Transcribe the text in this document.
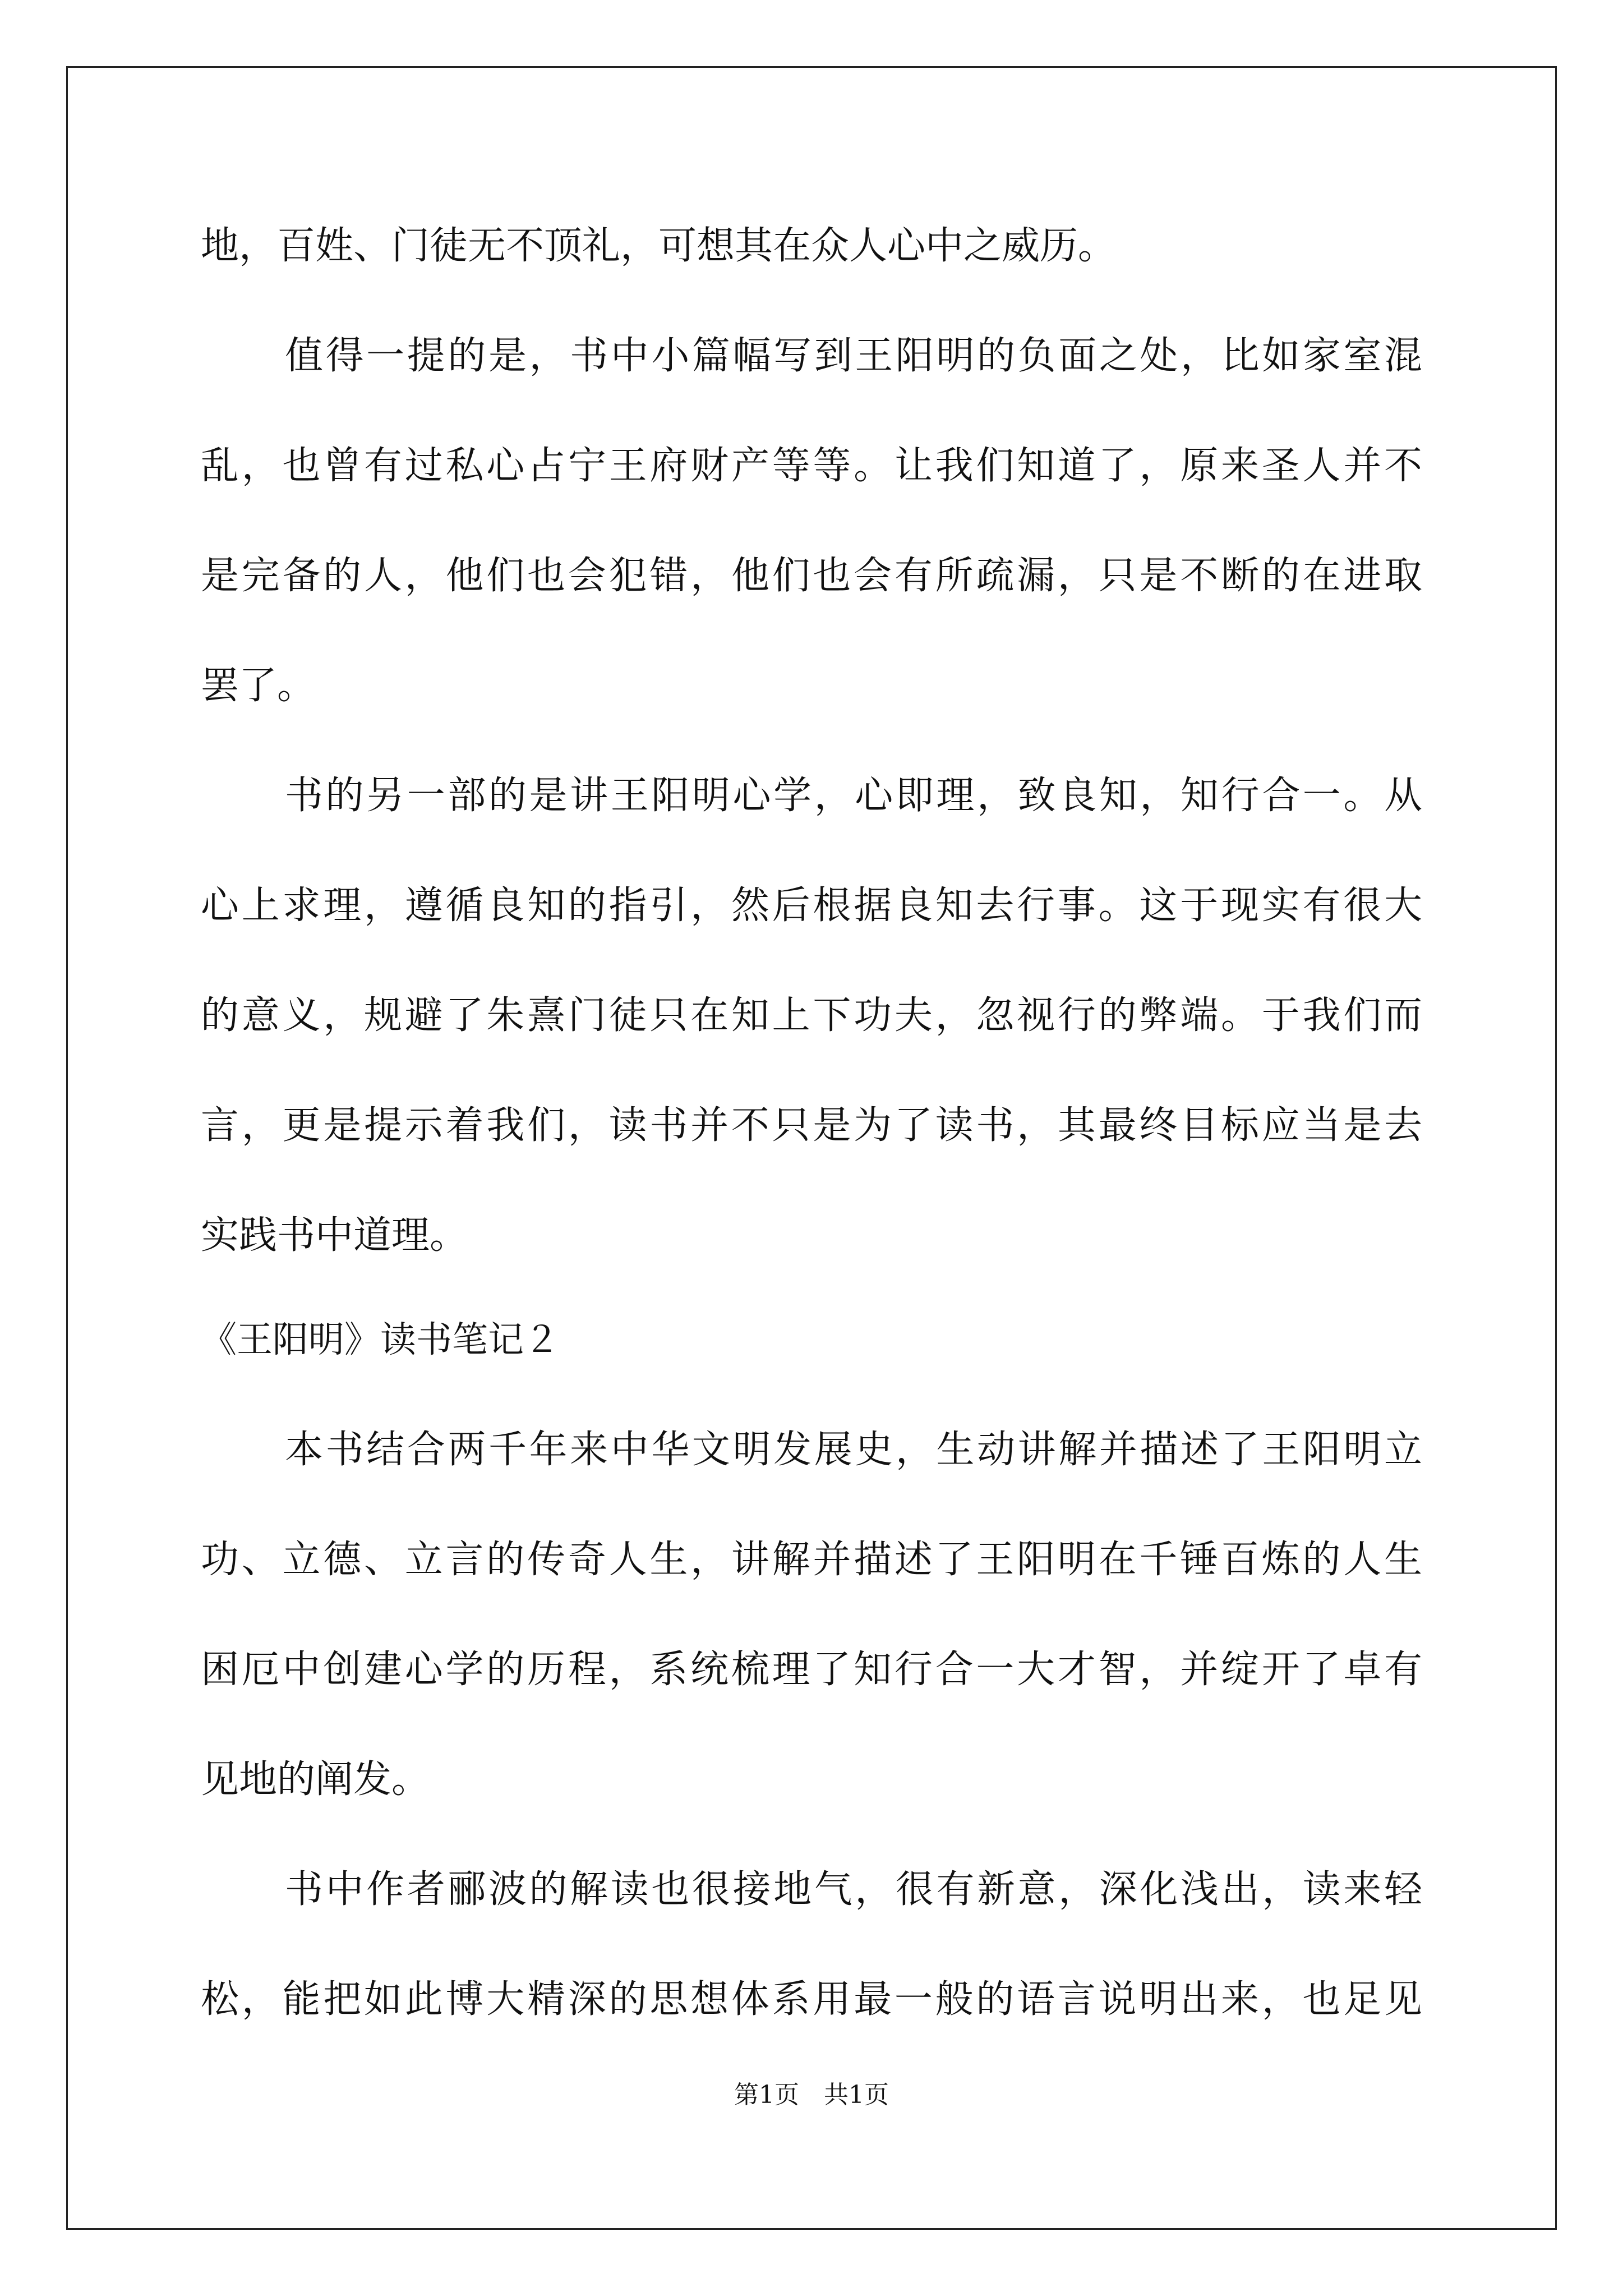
地，百姓、门徒无不顶礼，可想其在众人心中之威历。
值得一提的是，书中小篇幅写到王阳明的负面之处，比如家室混
乱，也曾有过私心占宁王府财产等等。让我们知道了，原来圣人并不
是完备的人，他们也会犯错，他们也会有所疏漏，只是不断的在进取
罢了。
书的另一部的是讲王阳明心学，心即理，致良知，知行合一。从
心上求理，遵循良知的指引，然后根据良知去行事。这于现实有很大
的意义，规避了朱熹门徒只在知上下功夫，忽视行的弊端。于我们而
言，更是提示着我们，读书并不只是为了读书，其最终目标应当是去
实践书中道理。
《王阳明》读书笔记２
本书结合两千年来中华文明发展史，生动讲解并描述了王阳明立
功、立德、立言的传奇人生，讲解并描述了王阳明在千锤百炼的人生
困厄中创建心学的历程，系统梳理了知行合一大才智，并绽开了卓有
见地的阐发。
书中作者郦波的解读也很接地气，很有新意，深化浅出，读来轻
松，能把如此博大精深的思想体系用最一般的语言说明出来，也足见
第1页　共1页
